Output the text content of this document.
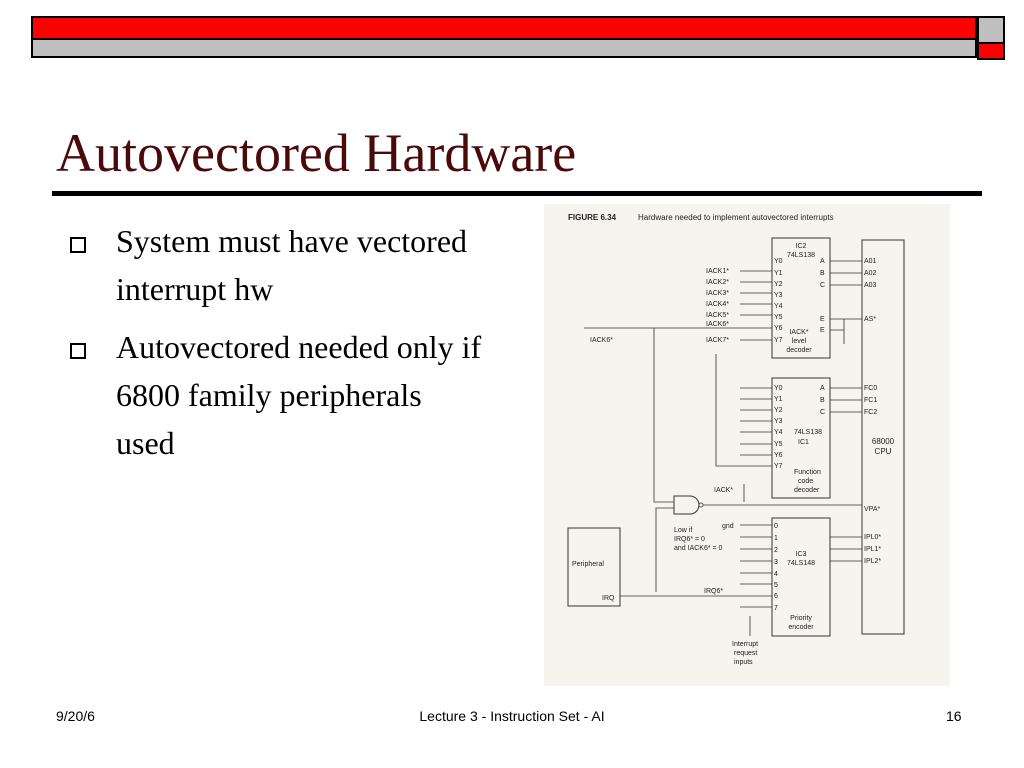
Autovectored Hardware
System must have vectored interrupt hw
Autovectored needed only if 6800 family peripherals used
FIGURE 6.34	Hardware needed to implement autovectored interrupts
68000
CPU
A01
A02
A03
AS*
FC0
FC1
FC2
VPA*
IPL0*
IPL1*
IPL2*
IC2
74LS138
A
B
C
E
E
IACK*
level
decoder
Y0
Y1
Y2
Y3
Y4
Y5
Y6
Y7
IACK1*
IACK2*
IACK3*
IACK4*
IACK5*
IACK6*
IACK7*
IACK6*
A
B
C
74LS138
IC1
Function
code
decoder
Y0
Y1
Y2
Y3
Y4
Y5
Y6
Y7
IACK*
Low if
IRQ6* = 0
and IACK6* = 0
IC3
74LS148
Priority
encoder
0
1
2
3
4
5
6
7
gnd
Peripheral
IRQ
IRQ6*
Interrupt
request
inputs
9/20/6	Lecture 3 - Instruction Set - AI	16
